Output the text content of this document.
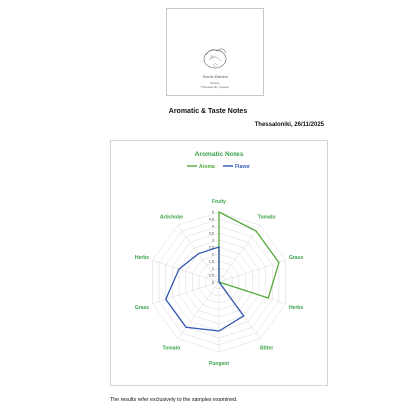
Texnis Eidolon
Winery
Thessaloniki, Greece
Aromatic & Taste Notes
Thessaloniki, 26/11/2025
Aromatic Notes
Aroma	Flavor
0
0,5
1
1,5
2
2,5
3
3,5
4
4,5
5
Fruity
Tomato
Grass
Herbs
Bitter
Pungent
Tomato
Grass
Herbs
Artichoke
The results refer exclusively to the samples examined.
